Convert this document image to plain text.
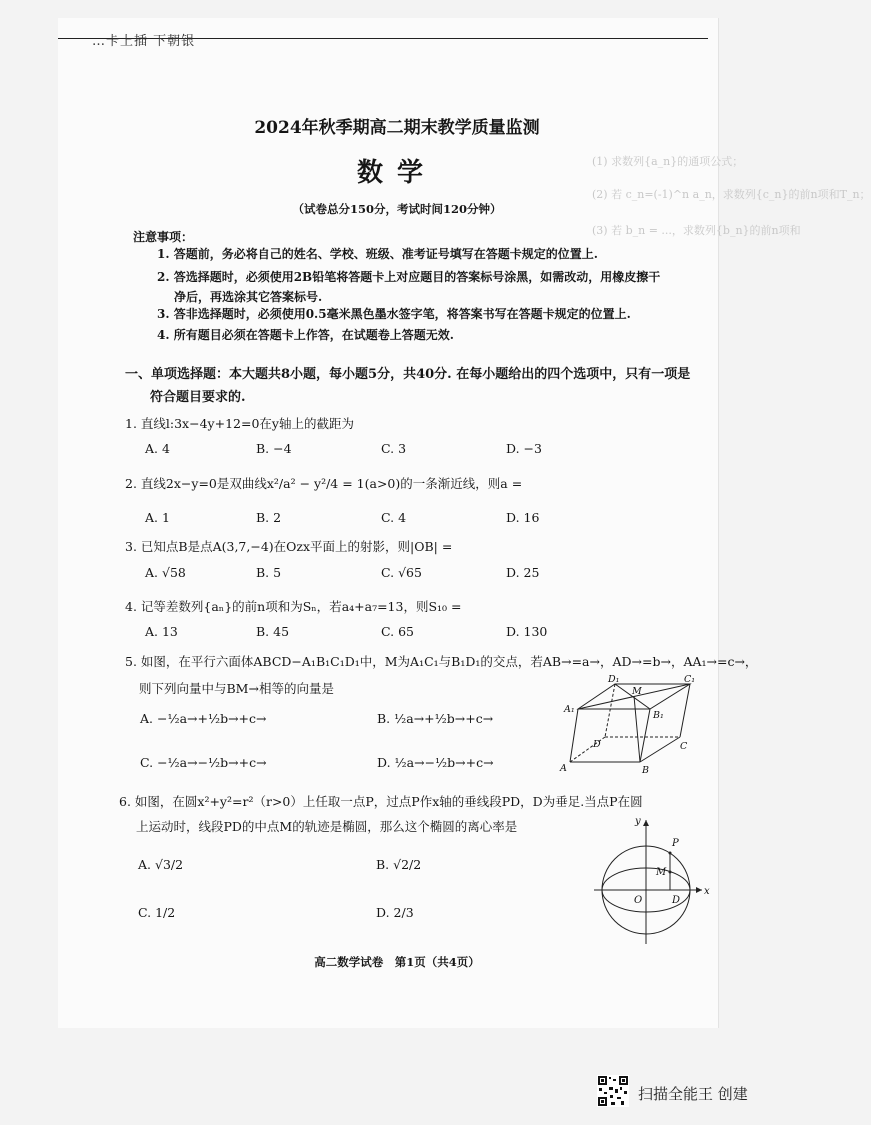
…卡上插 下朝银
(1) 求数列{a_n}的通项公式；
(2) 若 c_n=(-1)^n a_n，求数列{c_n}的前n项和T_n；
(3) 若 b_n = ...，求数列{b_n}的前n项和
2024年秋季期高二期末教学质量监测
数学
（试卷总分150分，考试时间120分钟）
注意事项：
1. 答题前，务必将自己的姓名、学校、班级、准考证号填写在答题卡规定的位置上.
2. 答选择题时，必须使用2B铅笔将答题卡上对应题目的答案标号涂黑，如需改动，用橡皮擦干
净后，再选涂其它答案标号.
3. 答非选择题时，必须使用0.5毫米黑色墨水签字笔，将答案书写在答题卡规定的位置上.
4. 所有题目必须在答题卡上作答，在试题卷上答题无效.
一、单项选择题：本大题共8小题，每小题5分，共40分. 在每小题给出的四个选项中，只有一项是
符合题目要求的.
1. 直线l:3x−4y+12=0在y轴上的截距为
A. 4	B. −4	C. 3	D. −3
2. 直线2x−y=0是双曲线x²/a² − y²/4 = 1(a>0)的一条渐近线，则a =
A. 1	B. 2	C. 4	D. 16
3. 已知点B是点A(3,7,−4)在Ozx平面上的射影，则|OB| =
A. √58	B. 5	C. √65	D. 25
4. 记等差数列{aₙ}的前n项和为Sₙ，若a₄+a₇=13，则S₁₀ =
A. 13	B. 45	C. 65	D. 130
5. 如图，在平行六面体ABCD−A₁B₁C₁D₁中，M为A₁C₁与B₁D₁的交点，若AB→=a→，AD→=b→，AA₁→=c→，
则下列向量中与BM→相等的向量是
A. −½a→+½b→+c→	B. ½a→+½b→+c→
C. −½a→−½b→+c→	D. ½a→−½b→+c→
D₁
M
C₁
A₁
B₁
D	C
A	B
6. 如图，在圆x²+y²=r²（r>0）上任取一点P，过点P作x轴的垂线段PD，D为垂足.当点P在圆
上运动时，线段PD的中点M的轨迹是椭圆，那么这个椭圆的离心率是
A. √3/2	B. √2/2
C. 1/2	D. 2/3
y
P
M
O	D
x
高二数学试卷　第1页（共4页）
扫描全能王 创建
